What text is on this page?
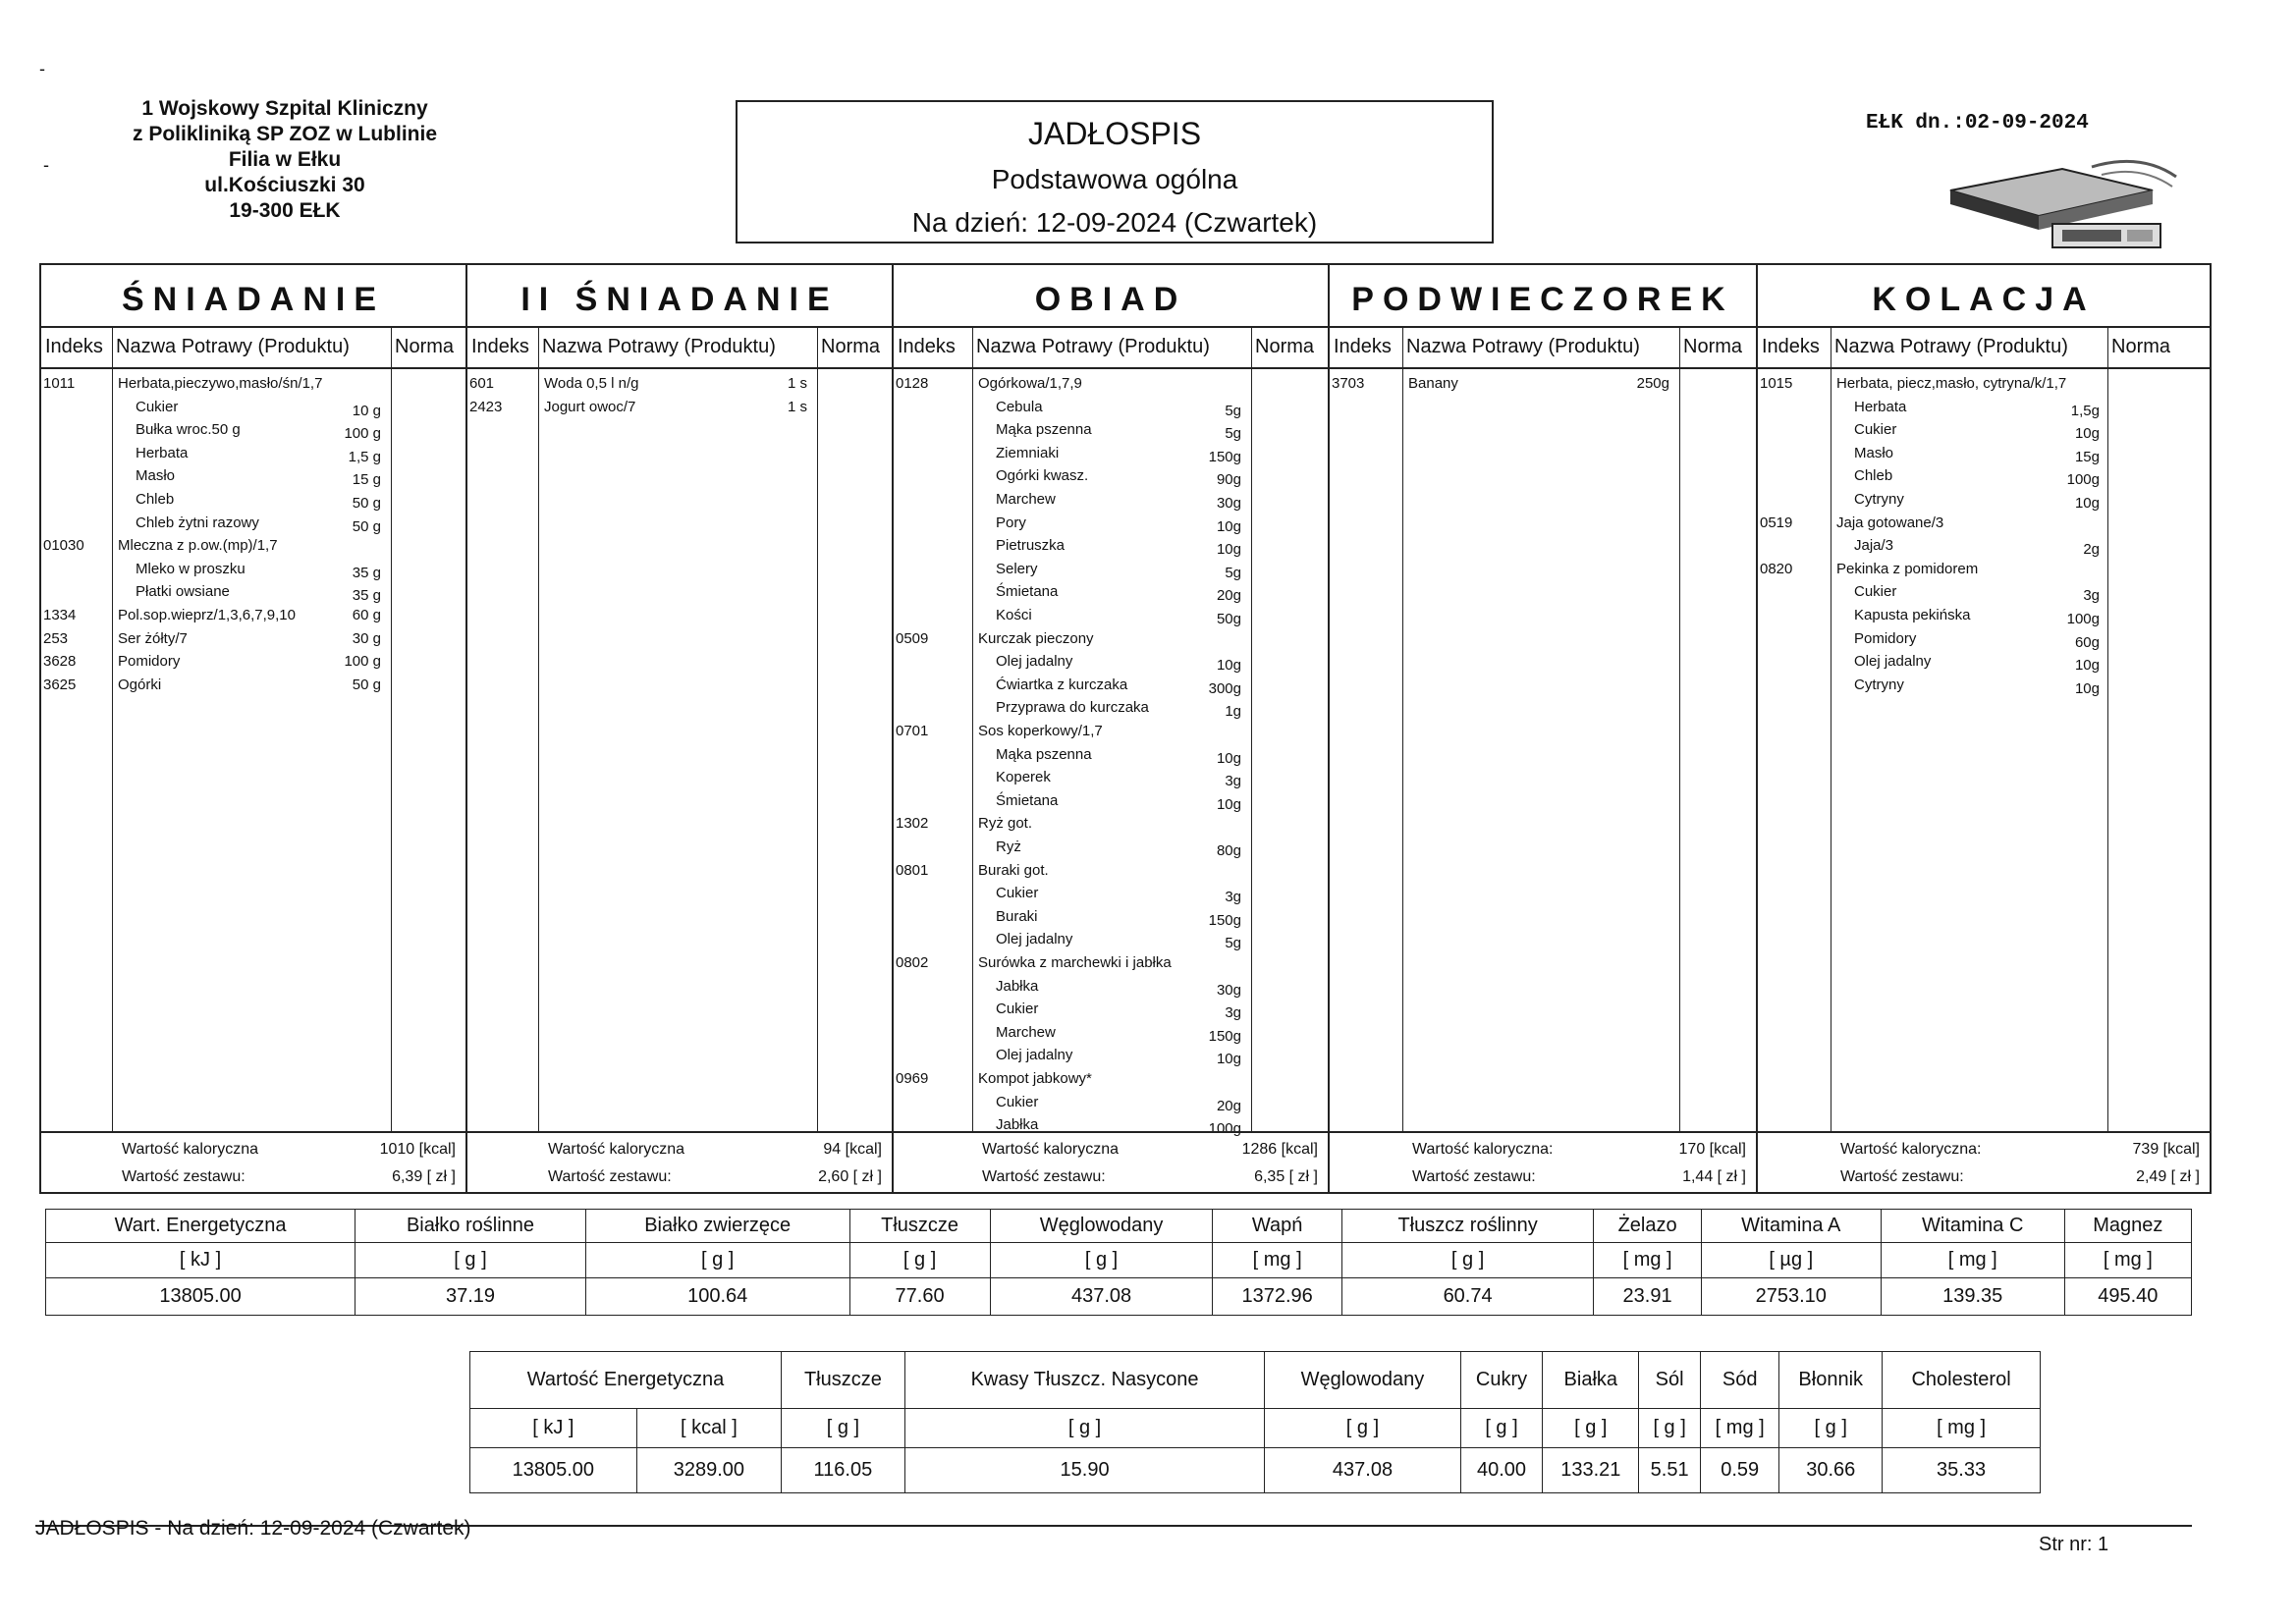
-
-
1 Wojskowy Szpital Kliniczny
z Polikliniką SP ZOZ w Lublinie
Filia w Ełku
ul.Kościuszki 30
19-300 EŁK
JADŁOSPIS
Podstawowa ogólna
Na dzień: 12-09-2024 (Czwartek)
EŁK dn.:02-09-2024
ŚNIADANIE
Indeks Nazwa Potrawy (Produktu) Norma
1011	Herbata,pieczywo,masło/śn/1,7
Cukier	10 g
Bułka wroc.50 g	100 g
Herbata	1,5 g
Masło	15 g
Chleb	50 g
Chleb żytni razowy	50 g
01030 Mleczna z p.ow.(mp)/1,7
Mleko w proszku	35 g
Płatki owsiane	35 g
1334	Pol.sop.wieprz/1,3,6,7,9,10	60 g
253	Ser żółty/7	30 g
3628	Pomidory	100 g
3625	Ogórki	50 g
Wartość kaloryczna	1010 [kcal]
Wartość zestawu:	6,39 [ zł ]
II ŚNIADANIE
Indeks Nazwa Potrawy (Produktu) Norma
601	Woda 0,5 l n/g	1 s
2423	Jogurt owoc/7	1 s
Wartość kaloryczna	94 [kcal]
Wartość zestawu:	2,60 [ zł ]
OBIAD
Indeks Nazwa Potrawy (Produktu) Norma
0128	Ogórkowa/1,7,9
Cebula	5g
Mąka pszenna	5g
Ziemniaki	150g
Ogórki kwasz.	90g
Marchew	30g
Pory	10g
Pietruszka	10g
Selery	5g
Śmietana	20g
Kości	50g
0509	Kurczak pieczony
Olej jadalny	10g
Ćwiartka z kurczaka	300g
Przyprawa do kurczaka	1g
0701	Sos koperkowy/1,7
Mąka pszenna	10g
Koperek	3g
Śmietana	10g
1302	Ryż got.
Ryż	80g
0801	Buraki got.
Cukier	3g
Buraki	150g
Olej jadalny	5g
0802	Surówka z marchewki i jabłka
Jabłka	30g
Cukier	3g
Marchew	150g
Olej jadalny	10g
0969	Kompot jabkowy*
Cukier	20g
Jabłka	100g
Wartość kaloryczna	1286 [kcal]
Wartość zestawu:	6,35 [ zł ]
PODWIECZOREK
Indeks Nazwa Potrawy (Produktu) Norma
3703	Banany	250g
Wartość kaloryczna:	170 [kcal]
Wartość zestawu:	1,44 [ zł ]
KOLACJA
Indeks Nazwa Potrawy (Produktu) Norma
1015	Herbata, piecz,masło, cytryna/k/1,7
Herbata	1,5g
Cukier	10g
Masło	15g
Chleb	100g
Cytryny	10g
0519	Jaja gotowane/3
Jaja/3	2g
0820	Pekinka z pomidorem
Cukier	3g
Kapusta pekińska	100g
Pomidory	60g
Olej jadalny	10g
Cytryny	10g
Wartość kaloryczna:	739 [kcal]
Wartość zestawu:	2,49 [ zł ]
Wart. Energetyczna	Białko roślinne	Białko zwierzęce	Tłuszcze	Węglowodany	Wapń	Tłuszcz roślinny	Żelazo	Witamina A	Witamina C	Magnez
[ kJ ]	[ g ]	[ g ]	[ g ]	[ g ]	[ mg ]	[ g ]	[ mg ]	[ µg ]	[ mg ]	[ mg ]
13805.00	37.19	100.64	77.60	437.08	1372.96	60.74	23.91	2753.10	139.35	495.40
Wartość Energetyczna		Tłuszcze	Kwasy Tłuszcz. Nasycone	Węglowodany	Cukry	Białka	Sól	Sód	Błonnik	Cholesterol
[ kJ ]	[ kcal ]	[ g ]	[ g ]	[ g ]	[ g ]	[ g ]	[ g ]	[ mg ]	[ g ]	[ mg ]
13805.00	3289.00	116.05	15.90	437.08	40.00	133.21	5.51	0.59	30.66	35.33
JADŁOSPIS - Na dzień: 12-09-2024 (Czwartek)
Str nr: 1
